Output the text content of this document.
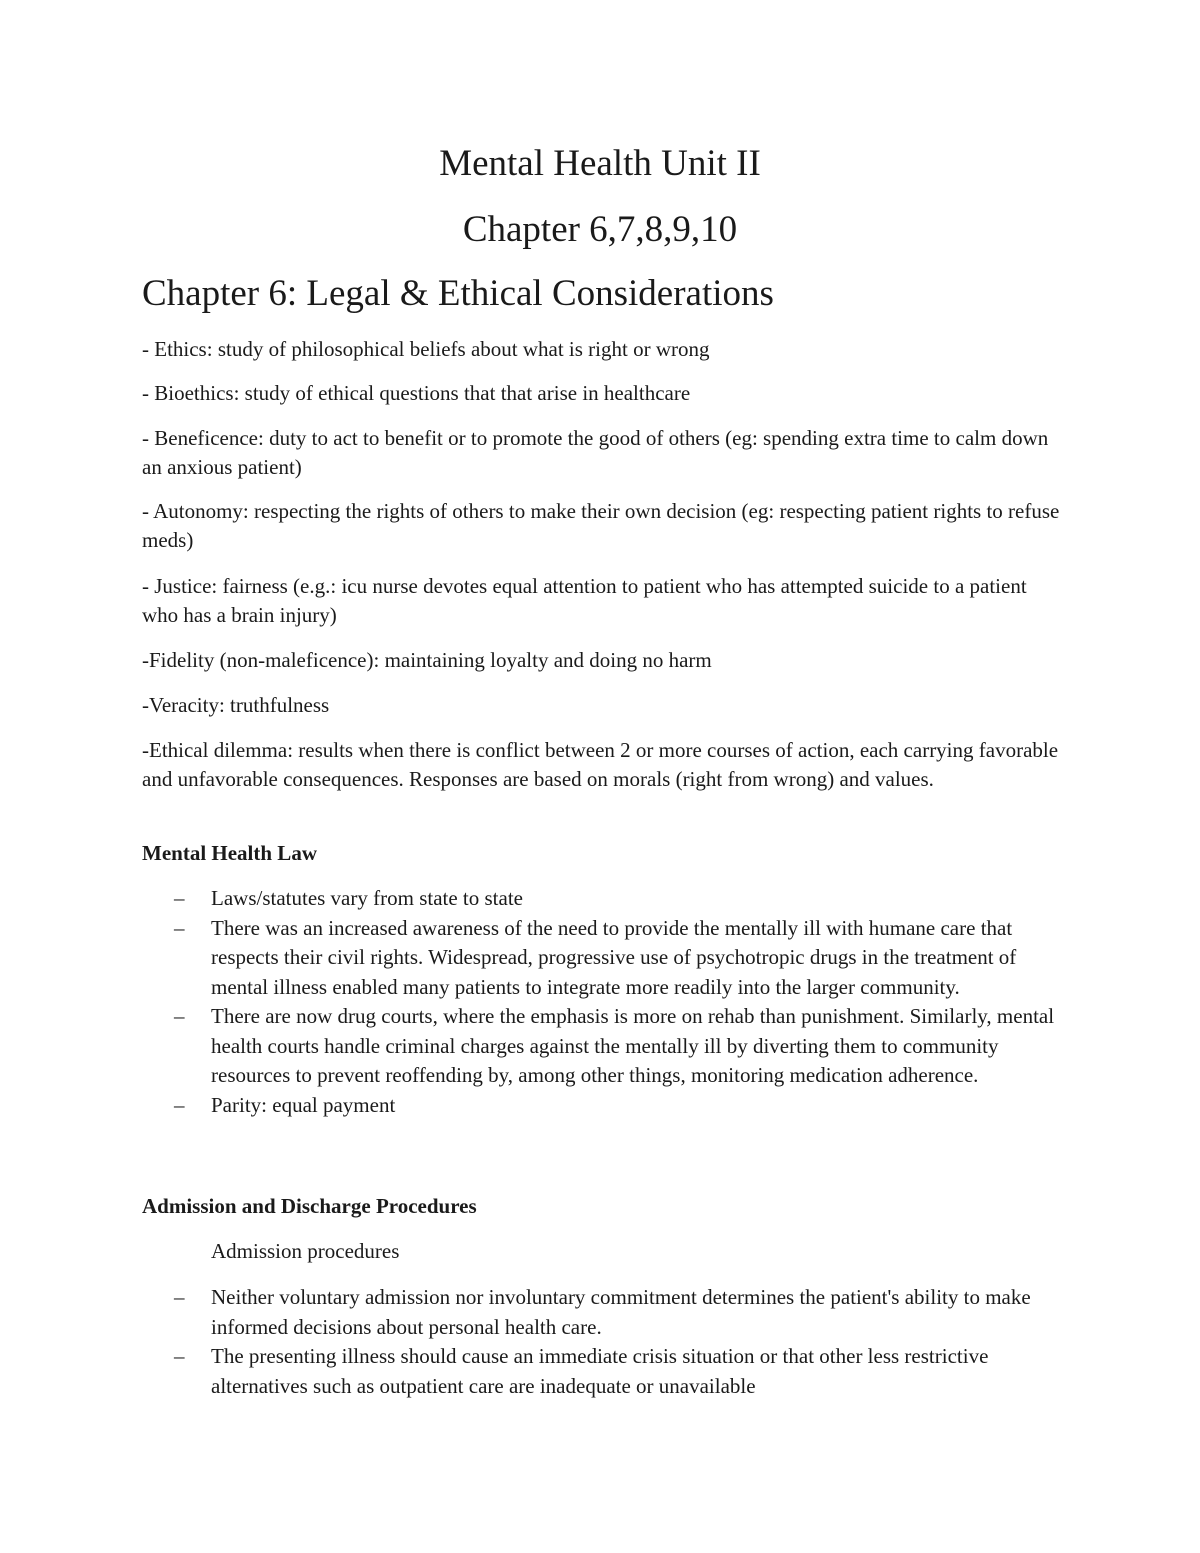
Mental Health Unit II
Chapter 6,7,8,9,10
Chapter 6: Legal & Ethical Considerations

- Ethics: study of philosophical beliefs about what is right or wrong

- Bioethics: study of ethical questions that that arise in healthcare

- Beneficence: duty to act to benefit or to promote the good of others (eg: spending extra time to calm down an anxious patient)

- Autonomy: respecting the rights of others to make their own decision (eg: respecting patient rights to refuse meds)

- Justice: fairness (e.g.: icu nurse devotes equal attention to patient who has attempted suicide to a patient who has a brain injury)

-Fidelity (non-maleficence): maintaining loyalty and doing no harm

-Veracity: truthfulness

-Ethical dilemma: results when there is conflict between 2 or more courses of action, each carrying favorable and unfavorable consequences. Responses are based on morals (right from wrong) and values.

Mental Health Law

– Laws/statutes vary from state to state
– There was an increased awareness of the need to provide the mentally ill with humane care that respects their civil rights. Widespread, progressive use of psychotropic drugs in the treatment of mental illness enabled many patients to integrate more readily into the larger community.
– There are now drug courts, where the emphasis is more on rehab than punishment. Similarly, mental health courts handle criminal charges against the mentally ill by diverting them to community resources to prevent reoffending by, among other things, monitoring medication adherence.
– Parity: equal payment

Admission and Discharge Procedures

Admission procedures

– Neither voluntary admission nor involuntary commitment determines the patient's ability to make informed decisions about personal health care.
– The presenting illness should cause an immediate crisis situation or that other less restrictive alternatives such as outpatient care are inadequate or unavailable
